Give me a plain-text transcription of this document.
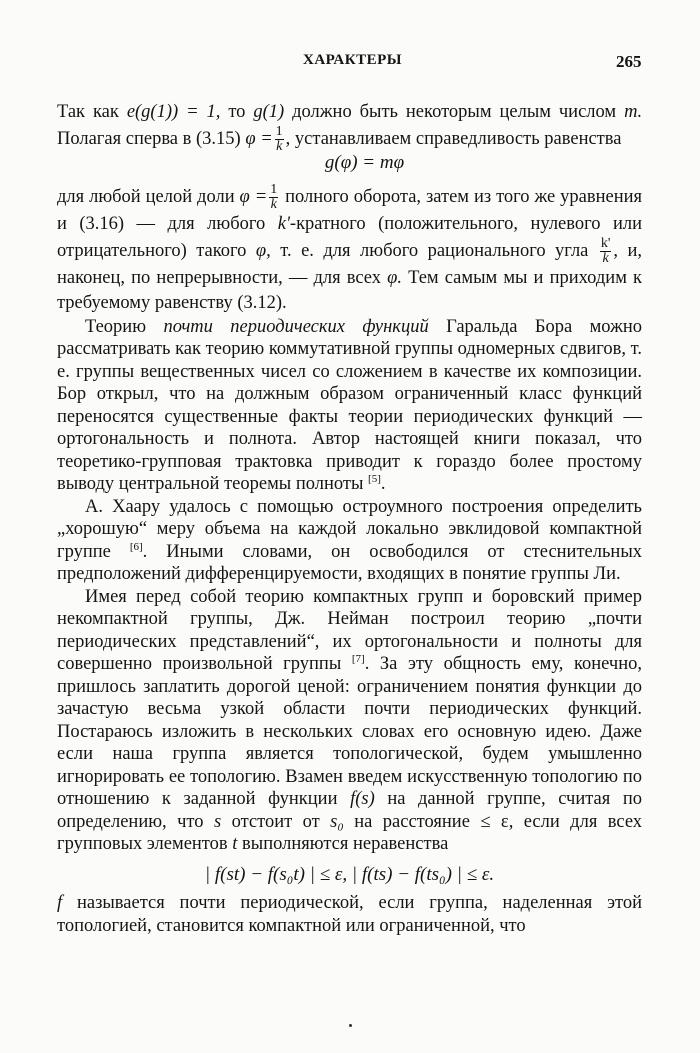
ХАРАКТЕРЫ	265

Так как e(g(1)) = 1, то g(1) должно быть некоторым целым числом m. Полагая сперва в (3.15) $\varphi = \frac{1}{k}$ , устанавливаем справедливость равенства

g(φ) = mφ

для любой целой доли $\varphi = \frac{1}{k}$ полного оборота, затем из того же уравнения и (3.16) — для любого k'-кратного (положительного, нулевого или отрицательного) такого φ, т. е. для любого рационального угла $\frac{k'}{k}$ , и, наконец, по непрерывности, — для всех φ. Тем самым мы и приходим к требуемому равенству (3.12).

Теорию почти периодических функций Гаральда Бора можно рассматривать как теорию коммутативной группы одномерных сдвигов, т. е. группы вещественных чисел со сложением в качестве их композиции. Бор открыл, что на должным образом ограниченный класс функций переносятся существенные факты теории периодических функций — ортогональность и полнота. Автор настоящей книги показал, что теоретико-групповая трактовка приводит к гораздо более простому выводу центральной теоремы полноты [5].

А. Хаару удалось с помощью остроумного построения определить „хорошую“ меру объема на каждой локально эвклидовой компактной группе [6]. Иными словами, он освободился от стеснительных предположений дифференцируемости, входящих в понятие группы Ли.

Имея перед собой теорию компактных групп и боровский пример некомпактной группы, Дж. Нейман построил теорию „почти периодических представлений“, их ортогональности и полноты для совершенно произвольной группы [7]. За эту общность ему, конечно, пришлось заплатить дорогой ценой: ограничением понятия функции до зачастую весьма узкой области почти периодических функций. Постараюсь изложить в нескольких словах его основную идею. Даже если наша группа является топологической, будем умышленно игнорировать ее топологию. Взамен введем искусственную топологию по отношению к заданной функции f(s) на данной группе, считая по определению, что s отстоит от s₀ на расстояние ≤ ε, если для всех групповых элементов t выполняются неравенства

| f(st) − f(s₀t) | ≤ ε, | f(ts) − f(ts₀) | ≤ ε.

f называется почти периодической, если группа, наделенная этой топологией, становится компактной или ограниченной, что
